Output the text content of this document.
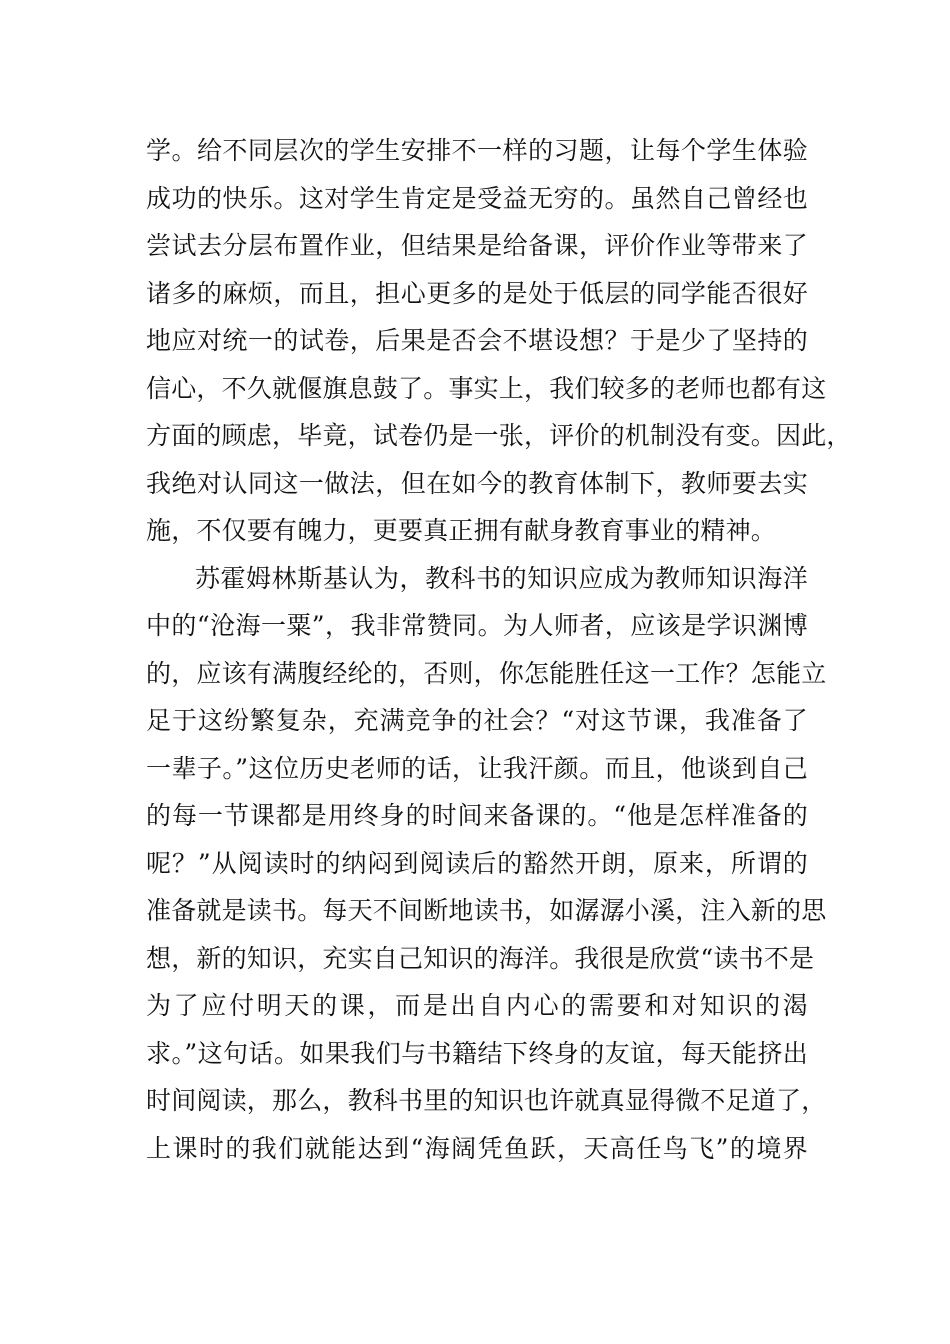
学。给不同层次的学生安排不一样的习题，让每个学生体验
成功的快乐。这对学生肯定是受益无穷的。虽然自己曾经也
尝试去分层布置作业，但结果是给备课，评价作业等带来了
诸多的麻烦，而且，担心更多的是处于低层的同学能否很好
地应对统一的试卷，后果是否会不堪设想？于是少了坚持的
信心，不久就偃旗息鼓了。事实上，我们较多的老师也都有这
方面的顾虑，毕竟，试卷仍是一张，评价的机制没有变。因此，
我绝对认同这一做法，但在如今的教育体制下，教师要去实
施，不仅要有魄力，更要真正拥有献身教育事业的精神。
苏霍姆林斯基认为，教科书的知识应成为教师知识海洋
中的“沧海一粟”，我非常赞同。为人师者，应该是学识渊博
的，应该有满腹经纶的，否则，你怎能胜任这一工作？怎能立
足于这纷繁复杂，充满竞争的社会？“对这节课，我准备了
一辈子。”这位历史老师的话，让我汗颜。而且，他谈到自己
的每一节课都是用终身的时间来备课的。“他是怎样准备的
呢？”从阅读时的纳闷到阅读后的豁然开朗，原来，所谓的
准备就是读书。每天不间断地读书，如潺潺小溪，注入新的思
想，新的知识，充实自己知识的海洋。我很是欣赏“读书不是
为了应付明天的课，而是出自内心的需要和对知识的渴
求。”这句话。如果我们与书籍结下终身的友谊，每天能挤出
时间阅读，那么，教科书里的知识也许就真显得微不足道了，
上课时的我们就能达到“海阔凭鱼跃，天高任鸟飞”的境界
